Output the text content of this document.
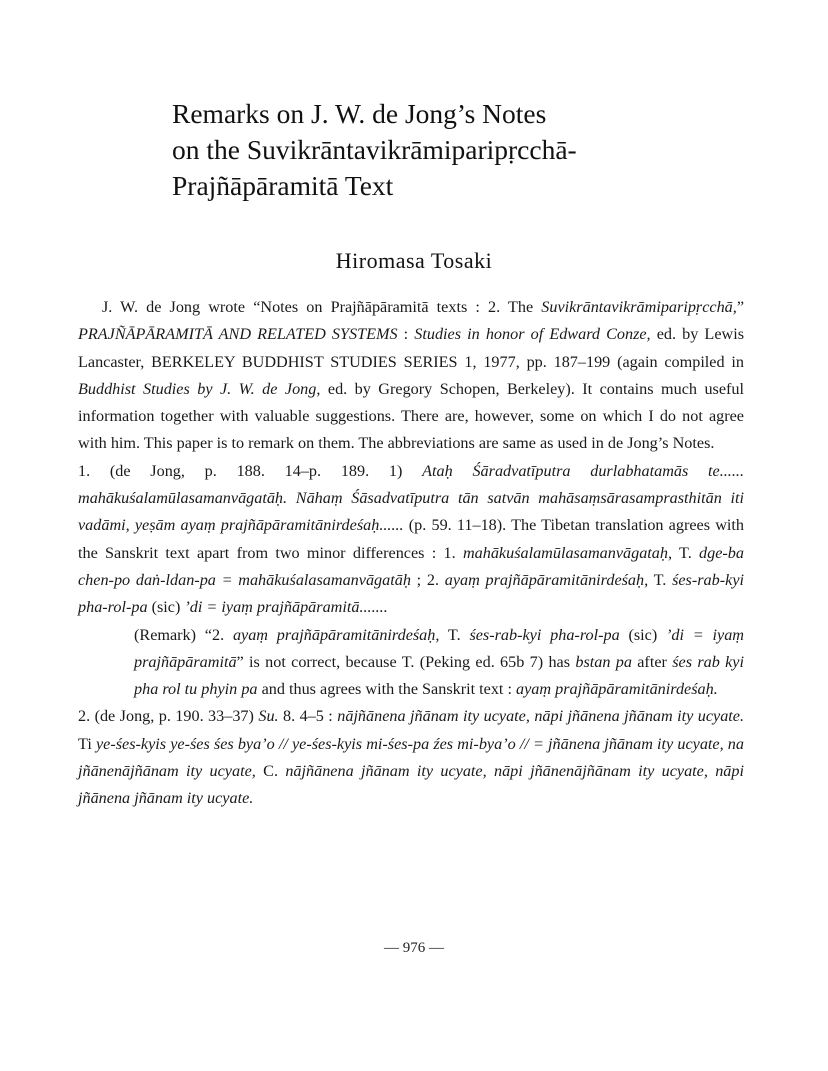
Remarks on J. W. de Jong’s Notes
on the Suvikrāntavikrāmiparipṛcchā-
Prajñāpāramitā Text
Hiromasa Tosaki

J. W. de Jong wrote “Notes on Prajñāpāramitā texts : 2. The Suvikrāntavikrāmiparipṛcchā,” PRAJÑĀPĀRAMITĀ AND RELATED SYSTEMS : Studies in honor of Edward Conze, ed. by Lewis Lancaster, BERKELEY BUDDHIST STUDIES SERIES 1, 1977, pp. 187–199 (again compiled in Buddhist Studies by J. W. de Jong, ed. by Gregory Schopen, Berkeley). It contains much useful information together with valuable suggestions. There are, however, some on which I do not agree with him. This paper is to remark on them. The abbreviations are same as used in de Jong’s Notes.

1. (de Jong, p. 188. 14–p. 189. 1) Ataḥ Śāradvatīputra durlabhatamās te...... mahākuśalamūlasamanvāgatāḥ. Nāhaṃ Śāsadvatīputra tān satvān mahāsaṃsārasamprasthitān iti vadāmi, yeṣām ayaṃ prajñāpāramitānirdeśaḥ...... (p. 59. 11–18). The Tibetan translation agrees with the Sanskrit text apart from two minor differences : 1. mahākuśalamūlasamanvāgataḥ, T. dge-ba chen-po daṅ-ldan-pa = mahākuśalasamanvāgatāḥ ; 2. ayaṃ prajñāpāramitānirdeśaḥ, T. śes-rab-kyi pha-rol-pa (sic) ’di = iyaṃ prajñāpāramitā.......

(Remark) “2. ayaṃ prajñāpāramitānirdeśaḥ, T. śes-rab-kyi pha-rol-pa (sic) ’di = iyaṃ prajñāpāramitā” is not correct, because T. (Peking ed. 65b 7) has bstan pa after śes rab kyi pha rol tu phyin pa and thus agrees with the Sanskrit text : ayaṃ prajñāpāramitānirdeśaḥ.

2. (de Jong, p. 190. 33–37) Su. 8. 4–5 : nājñānena jñānam ity ucyate, nāpi jñānena jñānam ity ucyate. Ti ye-śes-kyis ye-śes śes bya’o // ye-śes-kyis mi-śes-pa źes mi-bya’o // = jñānena jñānam ity ucyate, na jñānenājñānam ity ucyate, C. nājñānena jñānam ity ucyate, nāpi jñānenājñānam ity ucyate, nāpi jñānena jñānam ity ucyate.

— 976 —
